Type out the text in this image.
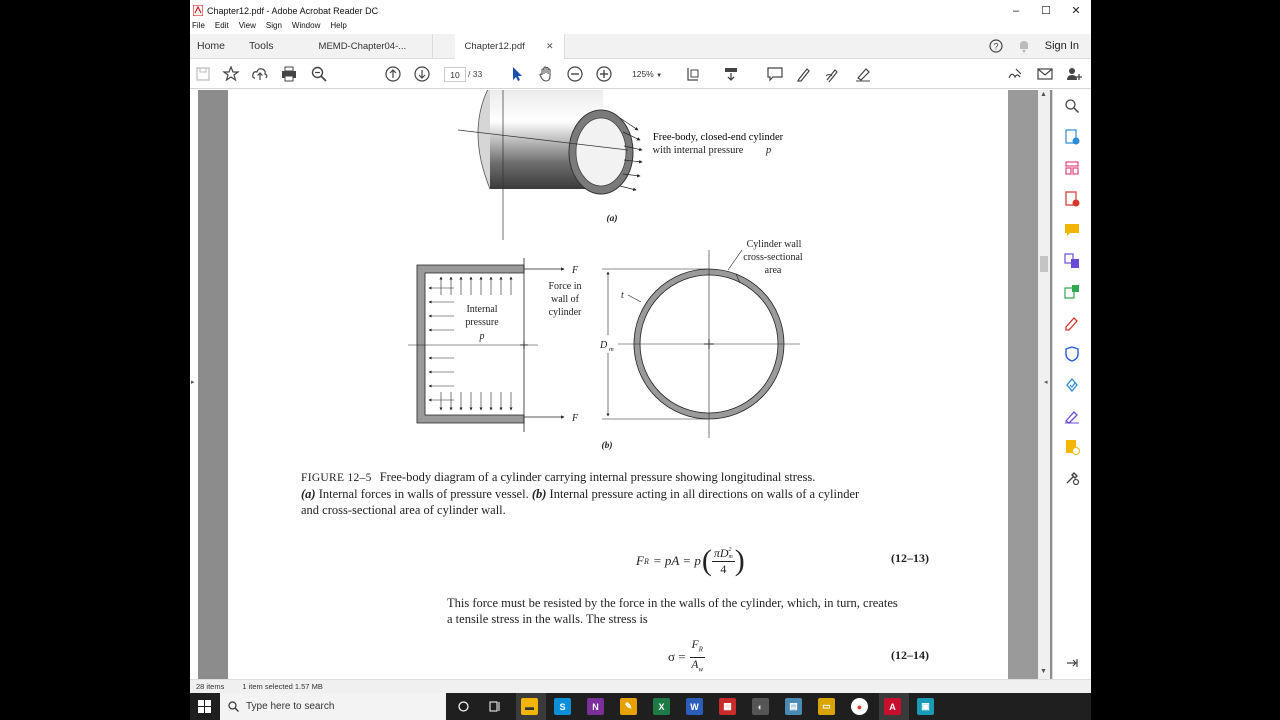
Chapter12.pdf - Adobe Acrobat Reader DC	–	☐	✕
File Edit View Sign Window Help
Home	Tools	MEMD-Chapter04-...	Chapter12.pdf ✕	?	Sign In
10 / 33	125% ▼
▸
Free-body, closed-end cylinder
with internal pressure p
(a)
F
F
Force in
wall of
cylinder
Internal
pressure
p
t
D m
Cylinder wall
cross-sectional
area
(b)
FIGURE 12–5 Free-body diagram of a cylinder carrying internal pressure showing longitudinal stress.
(a) Internal forces in walls of pressure vessel. (b) Internal pressure acting in all directions on walls of a cylinder
and cross-sectional area of cylinder wall.
F R = pA = p ( πD 2
m
4 )	(12–13)
This force must be resisted by the force in the walls of the cylinder, which, in turn, creates
a tensile stress in the walls. The stress is
$\sigma = \frac{F_R}{A_w}$	(12–14)
▲
▼
◂
28 items 1 item selected 1.57 MB
Type here to search	▬	S	N	✎	X	W	▦	◐	▤	▭	●	A	▣
